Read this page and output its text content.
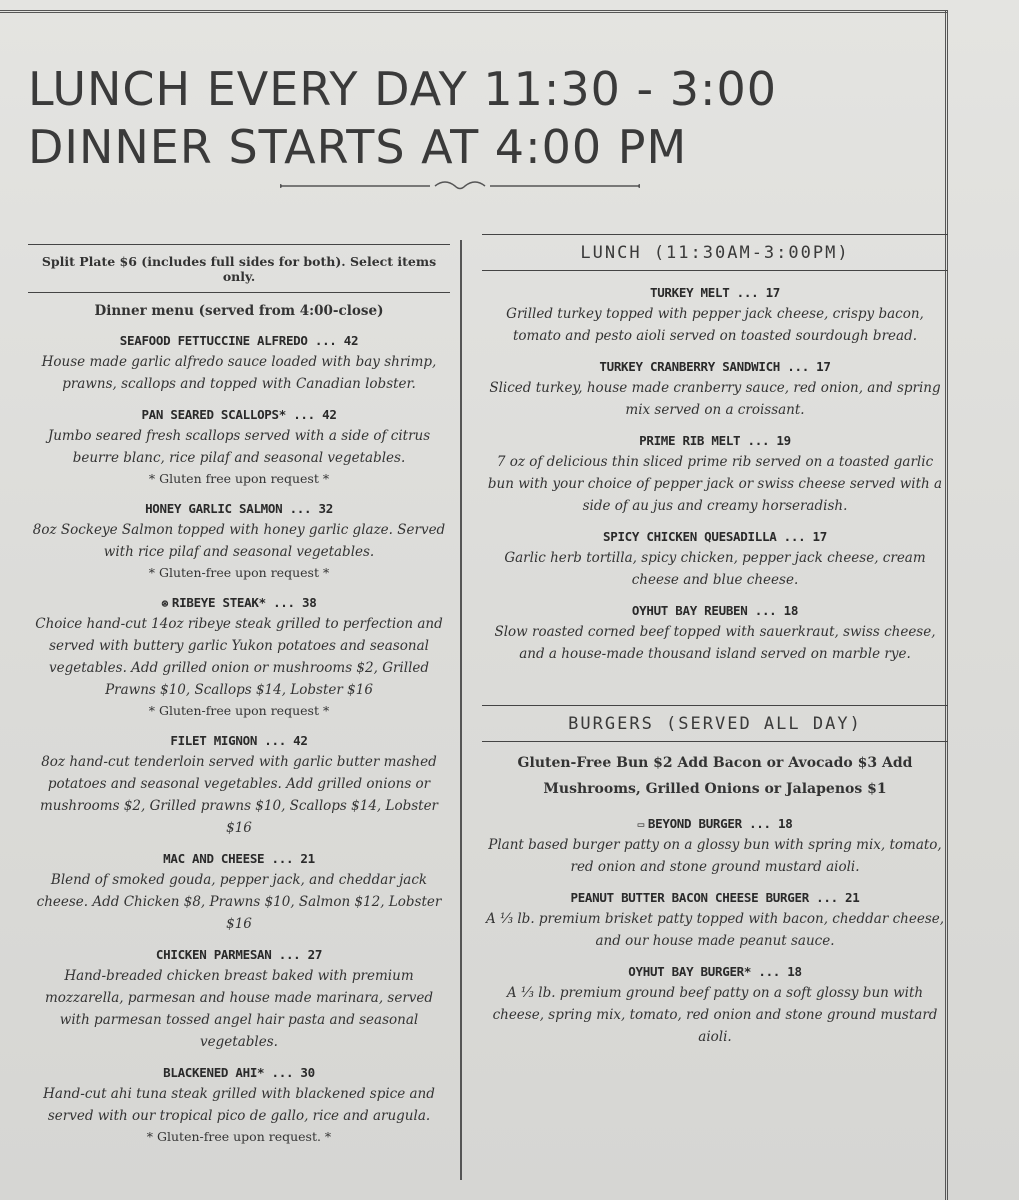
LUNCH EVERY DAY 11:30 - 3:00
DINNER STARTS AT 4:00 PM
Split Plate $6 (includes full sides for both). Select items only.
Dinner menu (served from 4:00-close)
SEAFOOD FETTUCCINE ALFREDO ... 42
House made garlic alfredo sauce loaded with bay shrimp, prawns, scallops and topped with Canadian lobster.
PAN SEARED SCALLOPS* ... 42
Jumbo seared fresh scallops served with a side of citrus beurre blanc, rice pilaf and seasonal vegetables.
* Gluten free upon request *
HONEY GARLIC SALMON ... 32
8oz Sockeye Salmon topped with honey garlic glaze. Served with rice pilaf and seasonal vegetables.
* Gluten-free upon request *
⊛ RIBEYE STEAK* ... 38
Choice hand-cut 14oz ribeye steak grilled to perfection and served with buttery garlic Yukon potatoes and seasonal vegetables. Add grilled onion or mushrooms $2, Grilled Prawns $10, Scallops $14, Lobster $16
* Gluten-free upon request *
FILET MIGNON ... 42
8oz hand-cut tenderloin served with garlic butter mashed potatoes and seasonal vegetables. Add grilled onions or mushrooms $2, Grilled prawns $10, Scallops $14, Lobster $16
MAC AND CHEESE ... 21
Blend of smoked gouda, pepper jack, and cheddar jack cheese. Add Chicken $8, Prawns $10, Salmon $12, Lobster $16
CHICKEN PARMESAN ... 27
Hand-breaded chicken breast baked with premium mozzarella, parmesan and house made marinara, served with parmesan tossed angel hair pasta and seasonal vegetables.
BLACKENED AHI* ... 30
Hand-cut ahi tuna steak grilled with blackened spice and served with our tropical pico de gallo, rice and arugula.
* Gluten-free upon request. *
LUNCH (11:30AM-3:00PM)
TURKEY MELT ... 17
Grilled turkey topped with pepper jack cheese, crispy bacon, tomato and pesto aioli served on toasted sourdough bread.
TURKEY CRANBERRY SANDWICH ... 17
Sliced turkey, house made cranberry sauce, red onion, and spring mix served on a croissant.
PRIME RIB MELT ... 19
7 oz of delicious thin sliced prime rib served on a toasted garlic bun with your choice of pepper jack or swiss cheese served with a side of au jus and creamy horseradish.
SPICY CHICKEN QUESADILLA ... 17
Garlic herb tortilla, spicy chicken, pepper jack cheese, cream cheese and blue cheese.
OYHUT BAY REUBEN ... 18
Slow roasted corned beef topped with sauerkraut, swiss cheese, and a house-made thousand island served on marble rye.
BURGERS (SERVED ALL DAY)
Gluten-Free Bun $2 Add Bacon or Avocado $3 Add Mushrooms, Grilled Onions or Jalapenos $1
▭ BEYOND BURGER ... 18
Plant based burger patty on a glossy bun with spring mix, tomato, red onion and stone ground mustard aioli.
PEANUT BUTTER BACON CHEESE BURGER ... 21
A ⅓ lb. premium brisket patty topped with bacon, cheddar cheese, and our house made peanut sauce.
OYHUT BAY BURGER* ... 18
A ⅓ lb. premium ground beef patty on a soft glossy bun with cheese, spring mix, tomato, red onion and stone ground mustard aioli.
